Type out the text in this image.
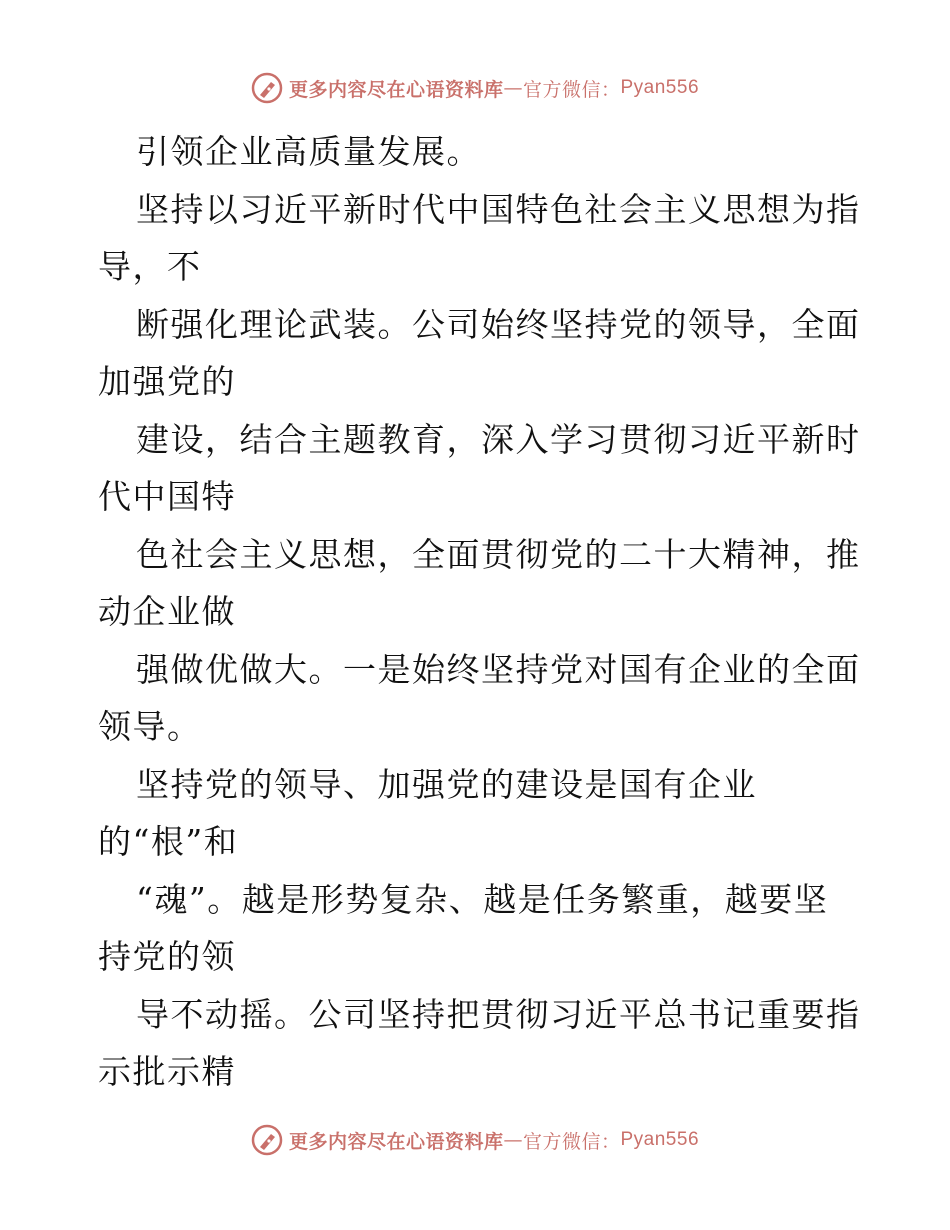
更多内容尽在心语资料库 — 官方微信： Pyan556
引领企业高质量发展。
坚持以习近平新时代中国特色社会主义思想为指
导，不
断强化理论武装。公司始终坚持党的领导，全面
加强党的
建设，结合主题教育，深入学习贯彻习近平新时
代中国特
色社会主义思想，全面贯彻党的二十大精神，推
动企业做
强做优做大。一是始终坚持党对国有企业的全面
领导。
坚持党的领导、加强党的建设是国有企业
的“根”和
“魂”。越是形势复杂、越是任务繁重，越要坚
持党的领
导不动摇。公司坚持把贯彻习近平总书记重要指
示批示精
更多内容尽在心语资料库 — 官方微信： Pyan556
